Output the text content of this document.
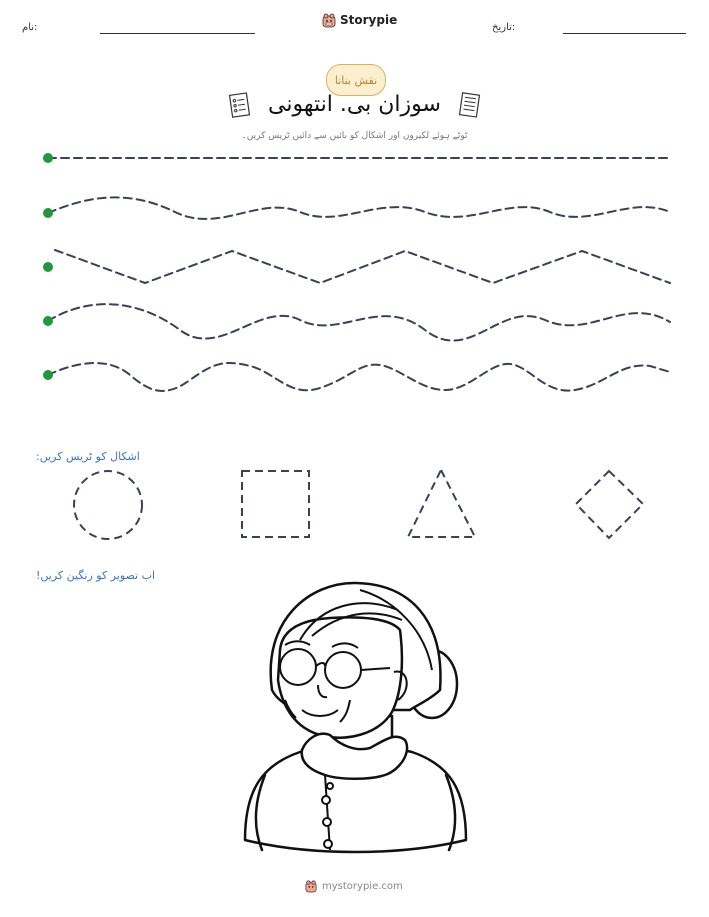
نام:
Storypie
تاریخ:
نقش بنانا
سوزان بی. انتھونی
ٹوٹے ہوئے لکیروں اور اشکال کو بائیں سے دائیں ٹریس کریں۔
اشکال کو ٹریس کریں:
اب تصویر کو رنگین کریں!
mystorypie.com
